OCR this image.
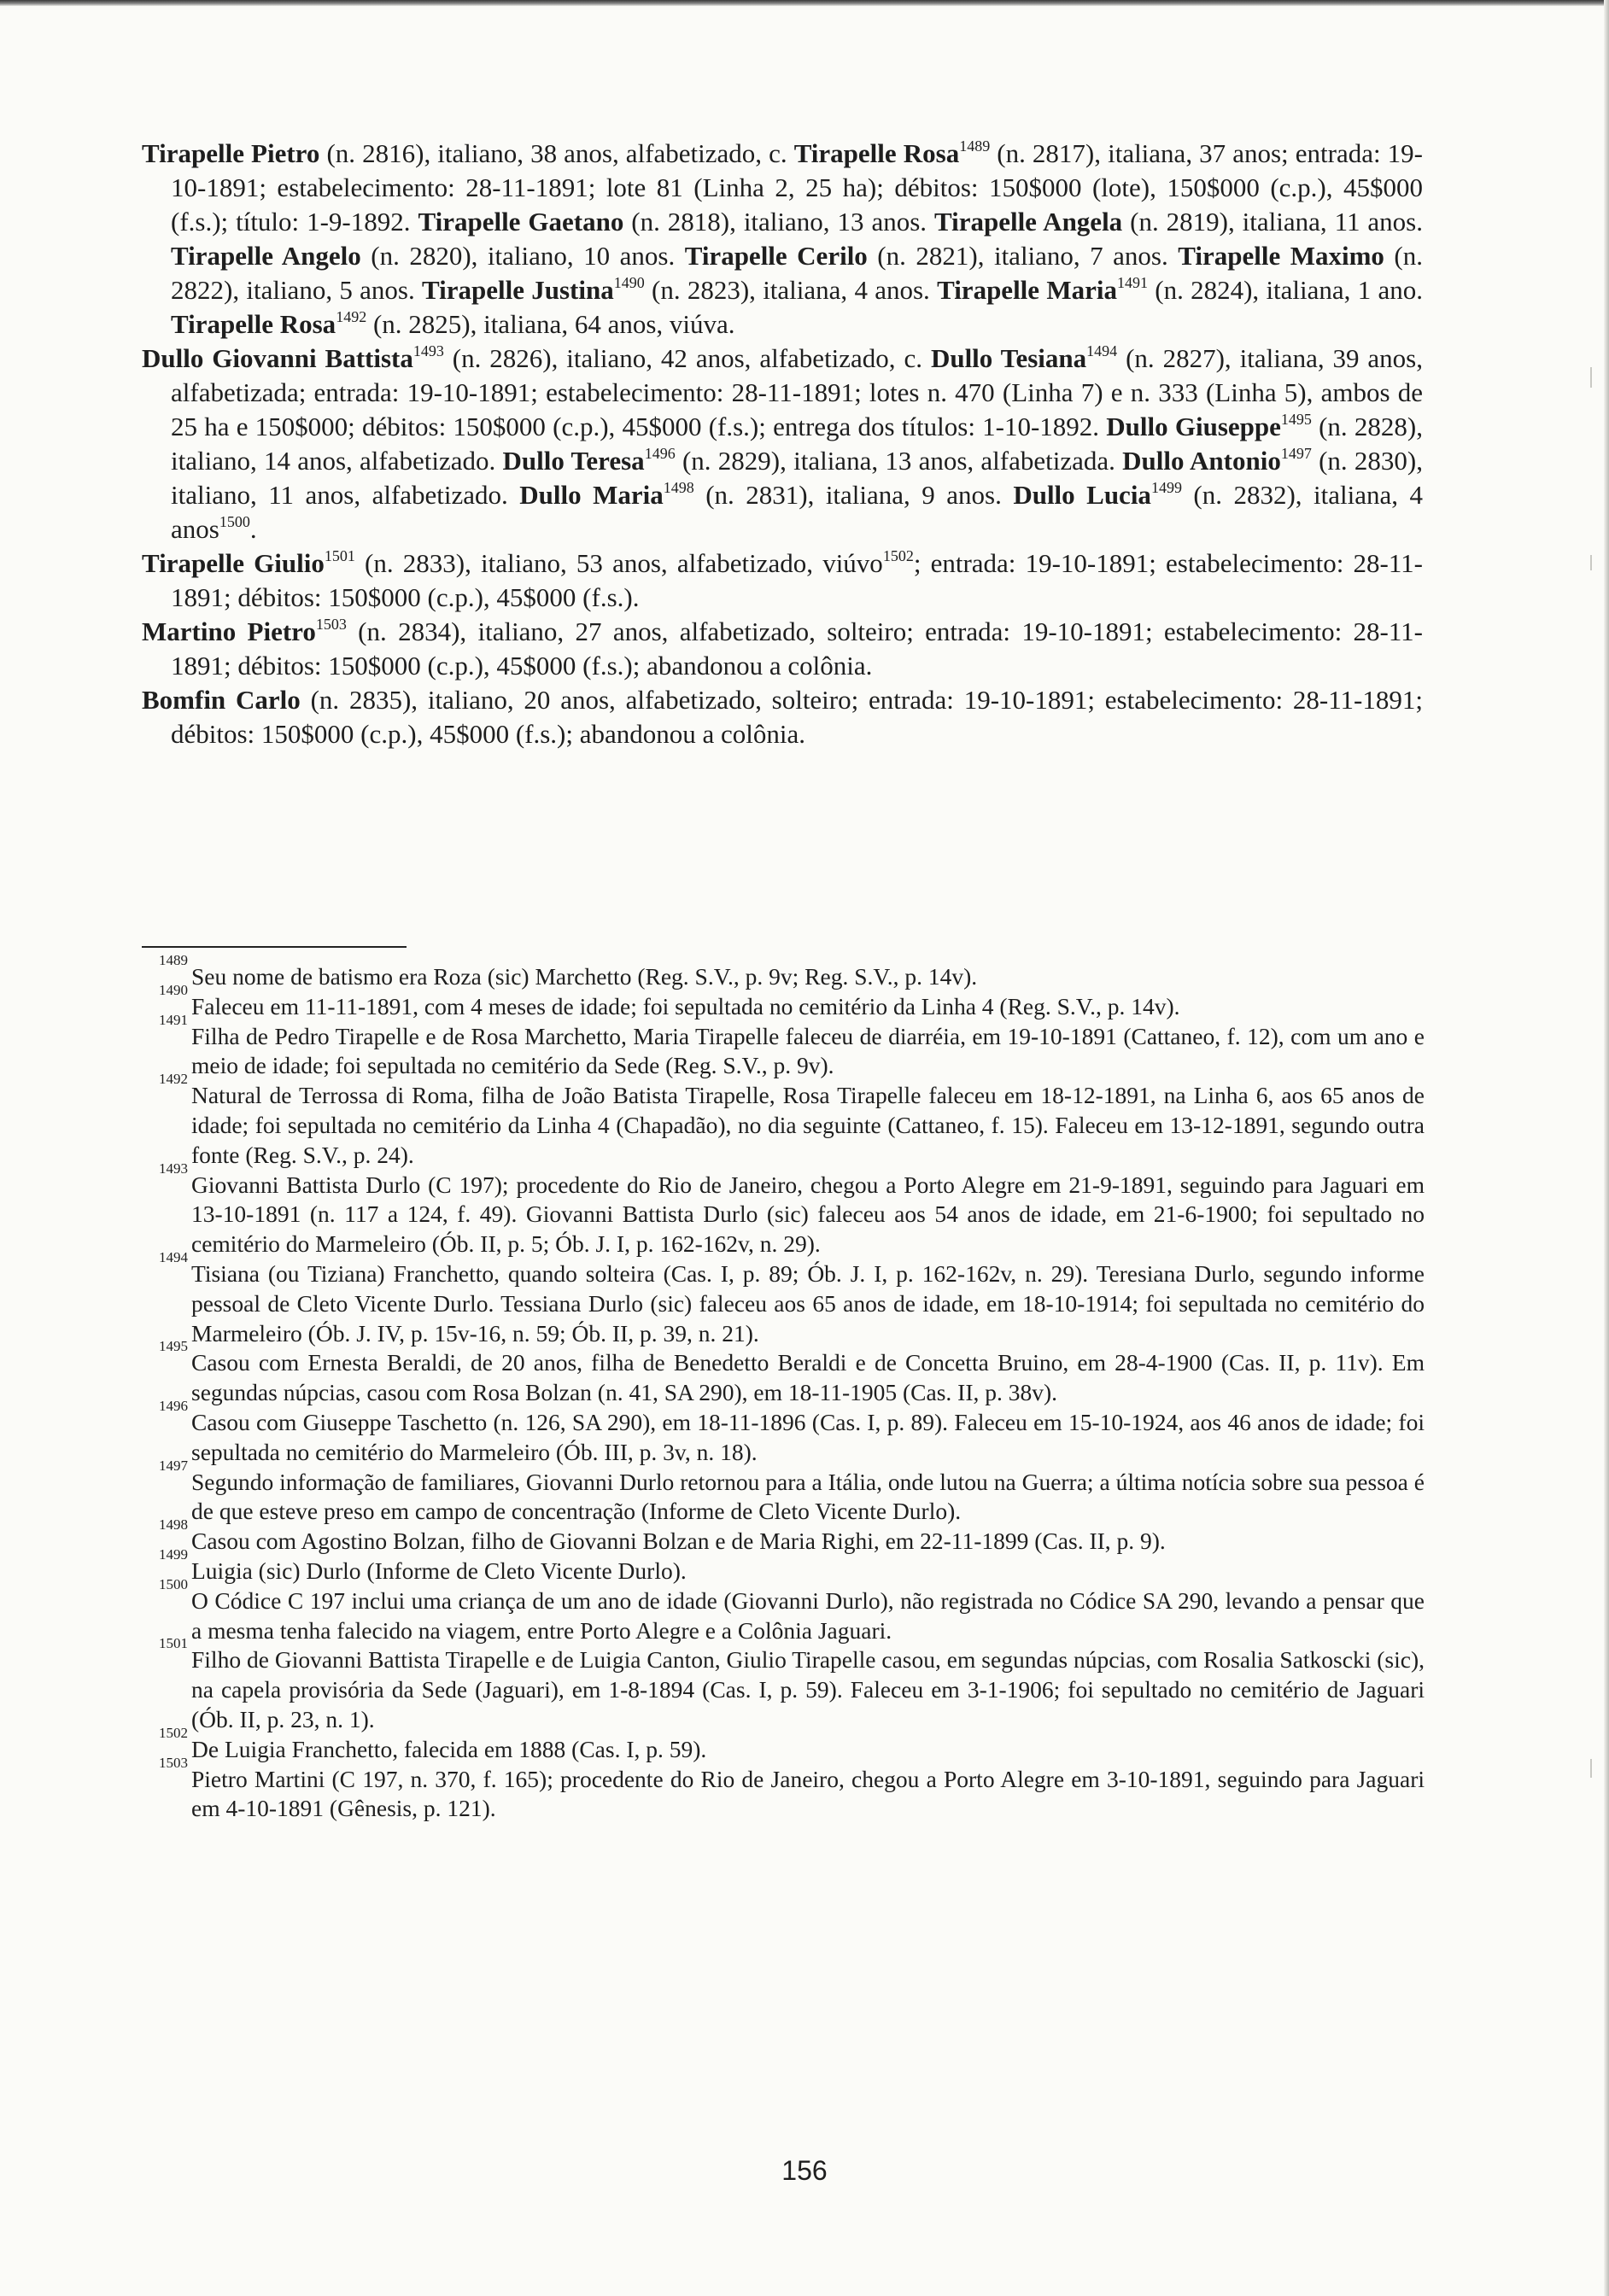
Tirapelle Pietro (n. 2816), italiano, 38 anos, alfabetizado, c. Tirapelle Rosa$^{1489}$ (n. 2817), italiana, 37 anos; entrada: 19-10-1891; estabelecimento: 28-11-1891; lote 81 (Linha 2, 25 ha); débitos: 150$000 (lote), 150$000 (c.p.), 45$000 (f.s.); título: 1-9-1892. Tirapelle Gaetano (n. 2818), italiano, 13 anos. Tirapelle Angela (n. 2819), italiana, 11 anos. Tirapelle Angelo (n. 2820), italiano, 10 anos. Tirapelle Cerilo (n. 2821), italiano, 7 anos. Tirapelle Maximo (n. 2822), italiano, 5 anos. Tirapelle Justina$^{1490}$ (n. 2823), italiana, 4 anos. Tirapelle Maria$^{1491}$ (n. 2824), italiana, 1 ano. Tirapelle Rosa$^{1492}$ (n. 2825), italiana, 64 anos, viúva.

Dullo Giovanni Battista$^{1493}$ (n. 2826), italiano, 42 anos, alfabetizado, c. Dullo Tesiana$^{1494}$ (n. 2827), italiana, 39 anos, alfabetizada; entrada: 19-10-1891; estabelecimento: 28-11-1891; lotes n. 470 (Linha 7) e n. 333 (Linha 5), ambos de 25 ha e 150$000; débitos: 150$000 (c.p.), 45$000 (f.s.); entrega dos títulos: 1-10-1892. Dullo Giuseppe$^{1495}$ (n. 2828), italiano, 14 anos, alfabetizado. Dullo Teresa$^{1496}$ (n. 2829), italiana, 13 anos, alfabetizada. Dullo Antonio$^{1497}$ (n. 2830), italiano, 11 anos, alfabetizado. Dullo Maria$^{1498}$ (n. 2831), italiana, 9 anos. Dullo Lucia$^{1499}$ (n. 2832), italiana, 4 anos$^{1500}$.

Tirapelle Giulio$^{1501}$ (n. 2833), italiano, 53 anos, alfabetizado, viúvo$^{1502}$; entrada: 19-10-1891; estabelecimento: 28-11-1891; débitos: 150$000 (c.p.), 45$000 (f.s.).

Martino Pietro$^{1503}$ (n. 2834), italiano, 27 anos, alfabetizado, solteiro; entrada: 19-10-1891; estabelecimento: 28-11-1891; débitos: 150$000 (c.p.), 45$000 (f.s.); abandonou a colônia.

Bomfin Carlo (n. 2835), italiano, 20 anos, alfabetizado, solteiro; entrada: 19-10-1891; estabelecimento: 28-11-1891; débitos: 150$000 (c.p.), 45$000 (f.s.); abandonou a colônia.

1489
Seu nome de batismo era Roza (sic) Marchetto (Reg. S.V., p. 9v; Reg. S.V., p. 14v).

1490
Faleceu em 11-11-1891, com 4 meses de idade; foi sepultada no cemitério da Linha 4 (Reg. S.V., p. 14v).

1491
Filha de Pedro Tirapelle e de Rosa Marchetto, Maria Tirapelle faleceu de diarréia, em 19-10-1891 (Cattaneo, f. 12), com um ano e meio de idade; foi sepultada no cemitério da Sede (Reg. S.V., p. 9v).

1492
Natural de Terrossa di Roma, filha de João Batista Tirapelle, Rosa Tirapelle faleceu em 18-12-1891, na Linha 6, aos 65 anos de idade; foi sepultada no cemitério da Linha 4 (Chapadão), no dia seguinte (Cattaneo, f. 15). Faleceu em 13-12-1891, segundo outra fonte (Reg. S.V., p. 24).

1493
Giovanni Battista Durlo (C 197); procedente do Rio de Janeiro, chegou a Porto Alegre em 21-9-1891, seguindo para Jaguari em 13-10-1891 (n. 117 a 124, f. 49). Giovanni Battista Durlo (sic) faleceu aos 54 anos de idade, em 21-6-1900; foi sepultado no cemitério do Marmeleiro (Ób. II, p. 5; Ób. J. I, p. 162-162v, n. 29).

1494
Tisiana (ou Tiziana) Franchetto, quando solteira (Cas. I, p. 89; Ób. J. I, p. 162-162v, n. 29). Teresiana Durlo, segundo informe pessoal de Cleto Vicente Durlo. Tessiana Durlo (sic) faleceu aos 65 anos de idade, em 18-10-1914; foi sepultada no cemitério do Marmeleiro (Ób. J. IV, p. 15v-16, n. 59; Ób. II, p. 39, n. 21).

1495
Casou com Ernesta Beraldi, de 20 anos, filha de Benedetto Beraldi e de Concetta Bruino, em 28-4-1900 (Cas. II, p. 11v). Em segundas núpcias, casou com Rosa Bolzan (n. 41, SA 290), em 18-11-1905 (Cas. II, p. 38v).

1496
Casou com Giuseppe Taschetto (n. 126, SA 290), em 18-11-1896 (Cas. I, p. 89). Faleceu em 15-10-1924, aos 46 anos de idade; foi sepultada no cemitério do Marmeleiro (Ób. III, p. 3v, n. 18).

1497
Segundo informação de familiares, Giovanni Durlo retornou para a Itália, onde lutou na Guerra; a última notícia sobre sua pessoa é de que esteve preso em campo de concentração (Informe de Cleto Vicente Durlo).

1498
Casou com Agostino Bolzan, filho de Giovanni Bolzan e de Maria Righi, em 22-11-1899 (Cas. II, p. 9).

1499
Luigia (sic) Durlo (Informe de Cleto Vicente Durlo).

1500
O Códice C 197 inclui uma criança de um ano de idade (Giovanni Durlo), não registrada no Códice SA 290, levando a pensar que a mesma tenha falecido na viagem, entre Porto Alegre e a Colônia Jaguari.

1501
Filho de Giovanni Battista Tirapelle e de Luigia Canton, Giulio Tirapelle casou, em segundas núpcias, com Rosalia Satkoscki (sic), na capela provisória da Sede (Jaguari), em 1-8-1894 (Cas. I, p. 59). Faleceu em 3-1-1906; foi sepultado no cemitério de Jaguari (Ób. II, p. 23, n. 1).

1502
De Luigia Franchetto, falecida em 1888 (Cas. I, p. 59).

1503
Pietro Martini (C 197, n. 370, f. 165); procedente do Rio de Janeiro, chegou a Porto Alegre em 3-10-1891, seguindo para Jaguari em 4-10-1891 (Gênesis, p. 121).

156
